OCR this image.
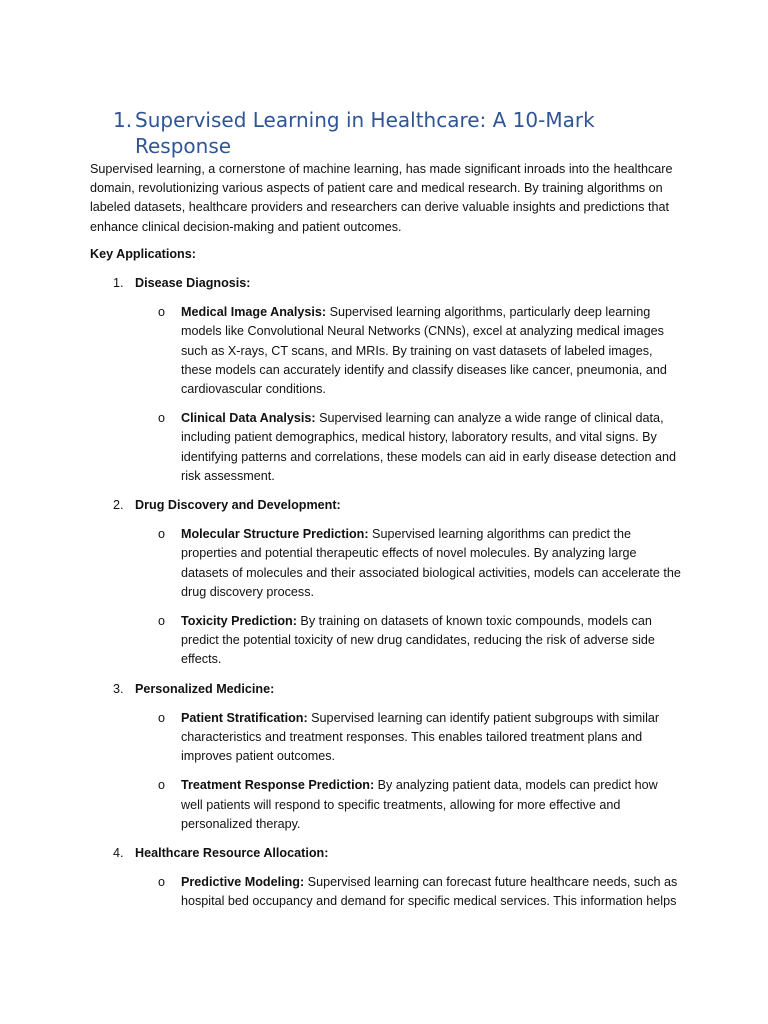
1. Supervised Learning in Healthcare: A 10-Mark Response

Supervised learning, a cornerstone of machine learning, has made significant inroads into the healthcare domain, revolutionizing various aspects of patient care and medical research. By training algorithms on labeled datasets, healthcare providers and researchers can derive valuable insights and predictions that enhance clinical decision-making and patient outcomes.

Key Applications:
1. Disease Diagnosis:
o Medical Image Analysis: Supervised learning algorithms, particularly deep learning models like Convolutional Neural Networks (CNNs), excel at analyzing medical images such as X-rays, CT scans, and MRIs. By training on vast datasets of labeled images, these models can accurately identify and classify diseases like cancer, pneumonia, and cardiovascular conditions.
o Clinical Data Analysis: Supervised learning can analyze a wide range of clinical data, including patient demographics, medical history, laboratory results, and vital signs. By identifying patterns and correlations, these models can aid in early disease detection and risk assessment.
2. Drug Discovery and Development:
o Molecular Structure Prediction: Supervised learning algorithms can predict the properties and potential therapeutic effects of novel molecules. By analyzing large datasets of molecules and their associated biological activities, models can accelerate the drug discovery process.
o Toxicity Prediction: By training on datasets of known toxic compounds, models can predict the potential toxicity of new drug candidates, reducing the risk of adverse side effects.
3. Personalized Medicine:
o Patient Stratification: Supervised learning can identify patient subgroups with similar characteristics and treatment responses. This enables tailored treatment plans and improves patient outcomes.
o Treatment Response Prediction: By analyzing patient data, models can predict how well patients will respond to specific treatments, allowing for more effective and personalized therapy.
4. Healthcare Resource Allocation:
o Predictive Modeling: Supervised learning can forecast future healthcare needs, such as hospital bed occupancy and demand for specific medical services. This information helps
